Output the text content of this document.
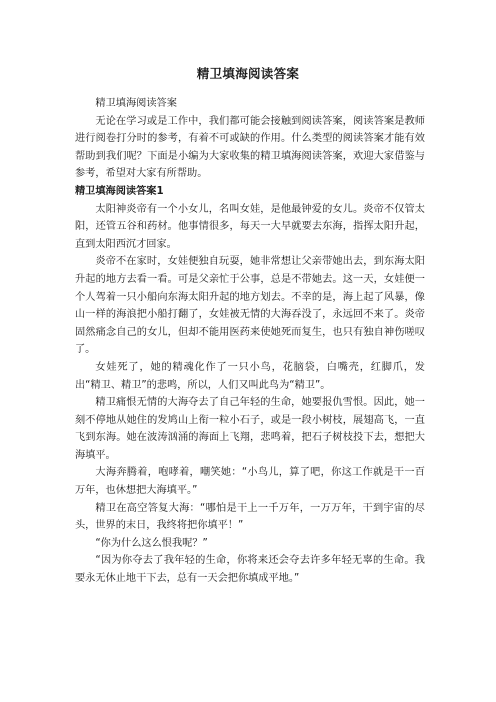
精卫填海阅读答案

精卫填海阅读答案

无论在学习或是工作中，我们都可能会接触到阅读答案，阅读答案是教师进行阅卷打分时的参考，有着不可或缺的作用。什么类型的阅读答案才能有效帮助到我们呢？下面是小编为大家收集的精卫填海阅读答案，欢迎大家借鉴与参考，希望对大家有所帮助。

精卫填海阅读答案1

太阳神炎帝有一个小女儿，名叫女娃，是他最钟爱的女儿。炎帝不仅管太阳，还管五谷和药材。他事情很多，每天一大早就要去东海，指挥太阳升起，直到太阳西沉才回家。

炎帝不在家时，女娃便独自玩耍，她非常想让父亲带她出去，到东海太阳升起的地方去看一看。可是父亲忙于公事，总是不带她去。这一天，女娃便一个人驾着一只小船向东海太阳升起的地方划去。不幸的是，海上起了风暴，像山一样的海浪把小船打翻了，女娃被无情的大海吞没了，永远回不来了。炎帝固然痛念自己的女儿，但却不能用医药来使她死而复生，也只有独自神伤嗟叹了。

女娃死了，她的精魂化作了一只小鸟，花脑袋，白嘴壳，红脚爪，发出“精卫、精卫”的悲鸣，所以，人们又叫此鸟为“精卫”。

精卫痛恨无情的大海夺去了自己年轻的生命，她要报仇雪恨。因此，她一刻不停地从她住的发鸠山上衔一粒小石子，或是一段小树枝，展翅高飞，一直飞到东海。她在波涛汹涌的海面上飞翔，悲鸣着，把石子树枝投下去，想把大海填平。

大海奔腾着，咆哮着，嘲笑她：“小鸟儿，算了吧，你这工作就是干一百万年，也休想把大海填平。”

精卫在高空答复大海：“哪怕是干上一千万年，一万万年，干到宇宙的尽头，世界的末日，我终将把你填平！”

“你为什么这么恨我呢？”

“因为你夺去了我年轻的生命，你将来还会夺去许多年轻无辜的生命。我要永无休止地干下去，总有一天会把你填成平地。”
